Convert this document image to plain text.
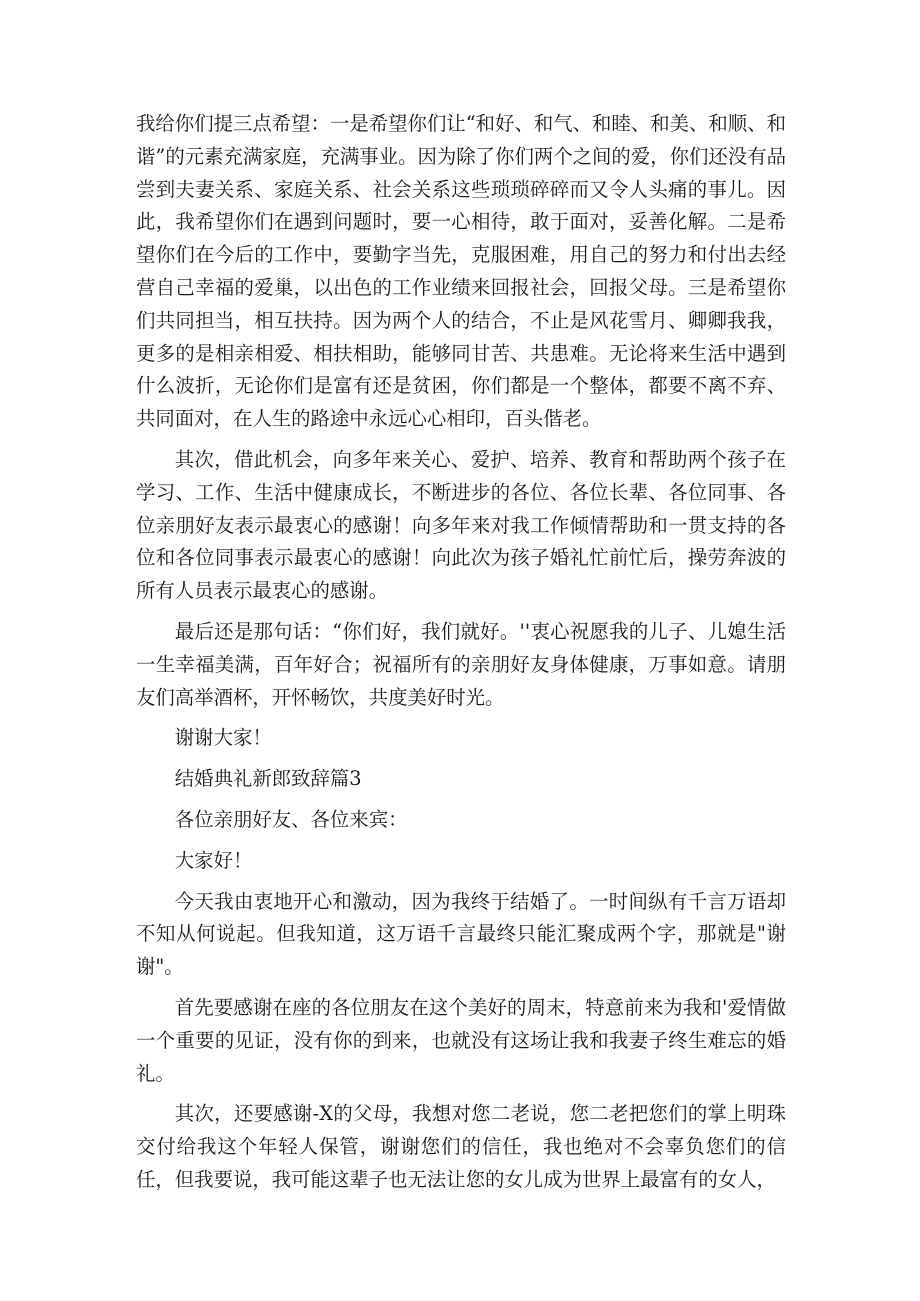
我给你们提三点希望：一是希望你们让“和好、和气、和睦、和美、和顺、和谐”的元素充满家庭，充满事业。因为除了你们两个之间的爱，你们还没有品尝到夫妻关系、家庭关系、社会关系这些琐琐碎碎而又令人头痛的事儿。因此，我希望你们在遇到问题时，要一心相待，敢于面对，妥善化解。二是希望你们在今后的工作中，要勤字当先，克服困难，用自己的努力和付出去经营自己幸福的爱巢，以出色的工作业绩来回报社会，回报父母。三是希望你们共同担当，相互扶持。因为两个人的结合，不止是风花雪月、卿卿我我，更多的是相亲相爱、相扶相助，能够同甘苦、共患难。无论将来生活中遇到什么波折，无论你们是富有还是贫困，你们都是一个整体，都要不离不弃、共同面对，在人生的路途中永远心心相印，百头偕老。

其次，借此机会，向多年来关心、爱护、培养、教育和帮助两个孩子在学习、工作、生活中健康成长，不断进步的各位、各位长辈、各位同事、各位亲朋好友表示最衷心的感谢！向多年来对我工作倾情帮助和一贯支持的各位和各位同事表示最衷心的感谢！向此次为孩子婚礼忙前忙后，操劳奔波的所有人员表示最衷心的感谢。

最后还是那句话：“你们好，我们就好。''衷心祝愿我的儿子、儿媳生活一生幸福美满，百年好合；祝福所有的亲朋好友身体健康，万事如意。请朋友们高举酒杯，开怀畅饮，共度美好时光。

谢谢大家！

结婚典礼新郎致辞篇3

各位亲朋好友、各位来宾：

大家好！

今天我由衷地开心和激动，因为我终于结婚了。一时间纵有千言万语却不知从何说起。但我知道，这万语千言最终只能汇聚成两个字，那就是"谢谢"。

首先要感谢在座的各位朋友在这个美好的周末，特意前来为我和'爱情做一个重要的见证，没有你的到来，也就没有这场让我和我妻子终生难忘的婚礼。

其次，还要感谢-X的父母，我想对您二老说，您二老把您们的掌上明珠交付给我这个年轻人保管，谢谢您们的信任，我也绝对不会辜负您们的信任，但我要说，我可能这辈子也无法让您的女儿成为世界上最富有的女人，
